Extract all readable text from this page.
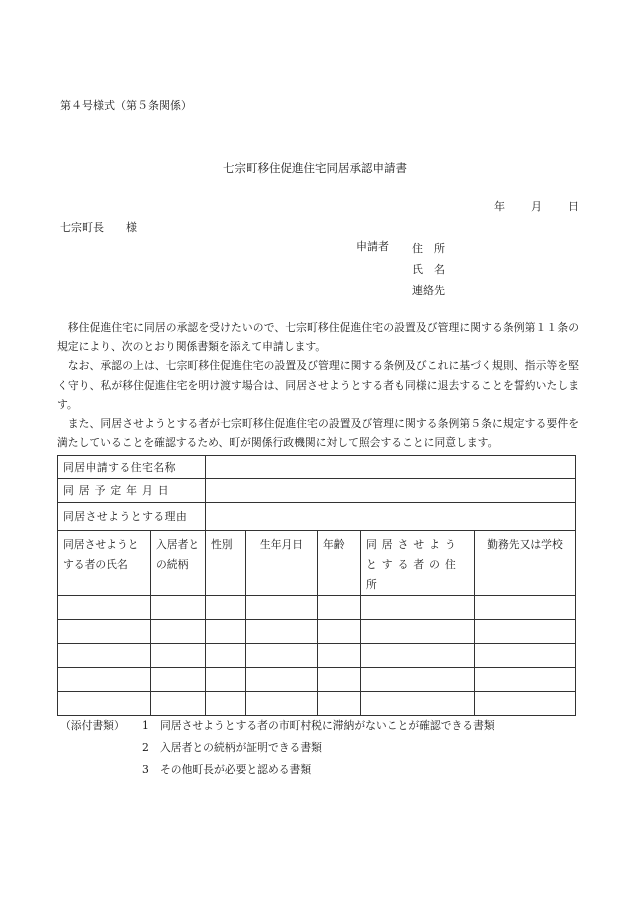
第４号様式（第５条関係）
七宗町移住促進住宅同居承認申請書
年 月 日
七宗町長 様
申請者 住　所
氏　名
連絡先

移住促進住宅に同居の承認を受けたいので、七宗町移住促進住宅の設置及び管理に関する条例第１１条の規定により、次のとおり関係書類を添えて申請します。

なお、承認の上は、七宗町移住促進住宅の設置及び管理に関する条例及びこれに基づく規則、指示等を堅く守り、私が移住促進住宅を明け渡す場合は、同居させようとする者も同様に退去することを誓約いたします。

また、同居させようとする者が七宗町移住促進住宅の設置及び管理に関する条例第５条に規定する要件を満たしていることを確認するため、町が関係行政機関に対して照会することに同意します。

同居申請する住宅名称						
同居予定年月日						
同居させようとする理由						
同居させようとする者の氏名	入居者との続柄	性別	生年月日	年齢	同居させようとする者の住所	勤務先又は学校

（添付書類）	1	同居させようとする者の市町村税に滞納がないことが確認できる書類
2	入居者との続柄が証明できる書類
3	その他町長が必要と認める書類
